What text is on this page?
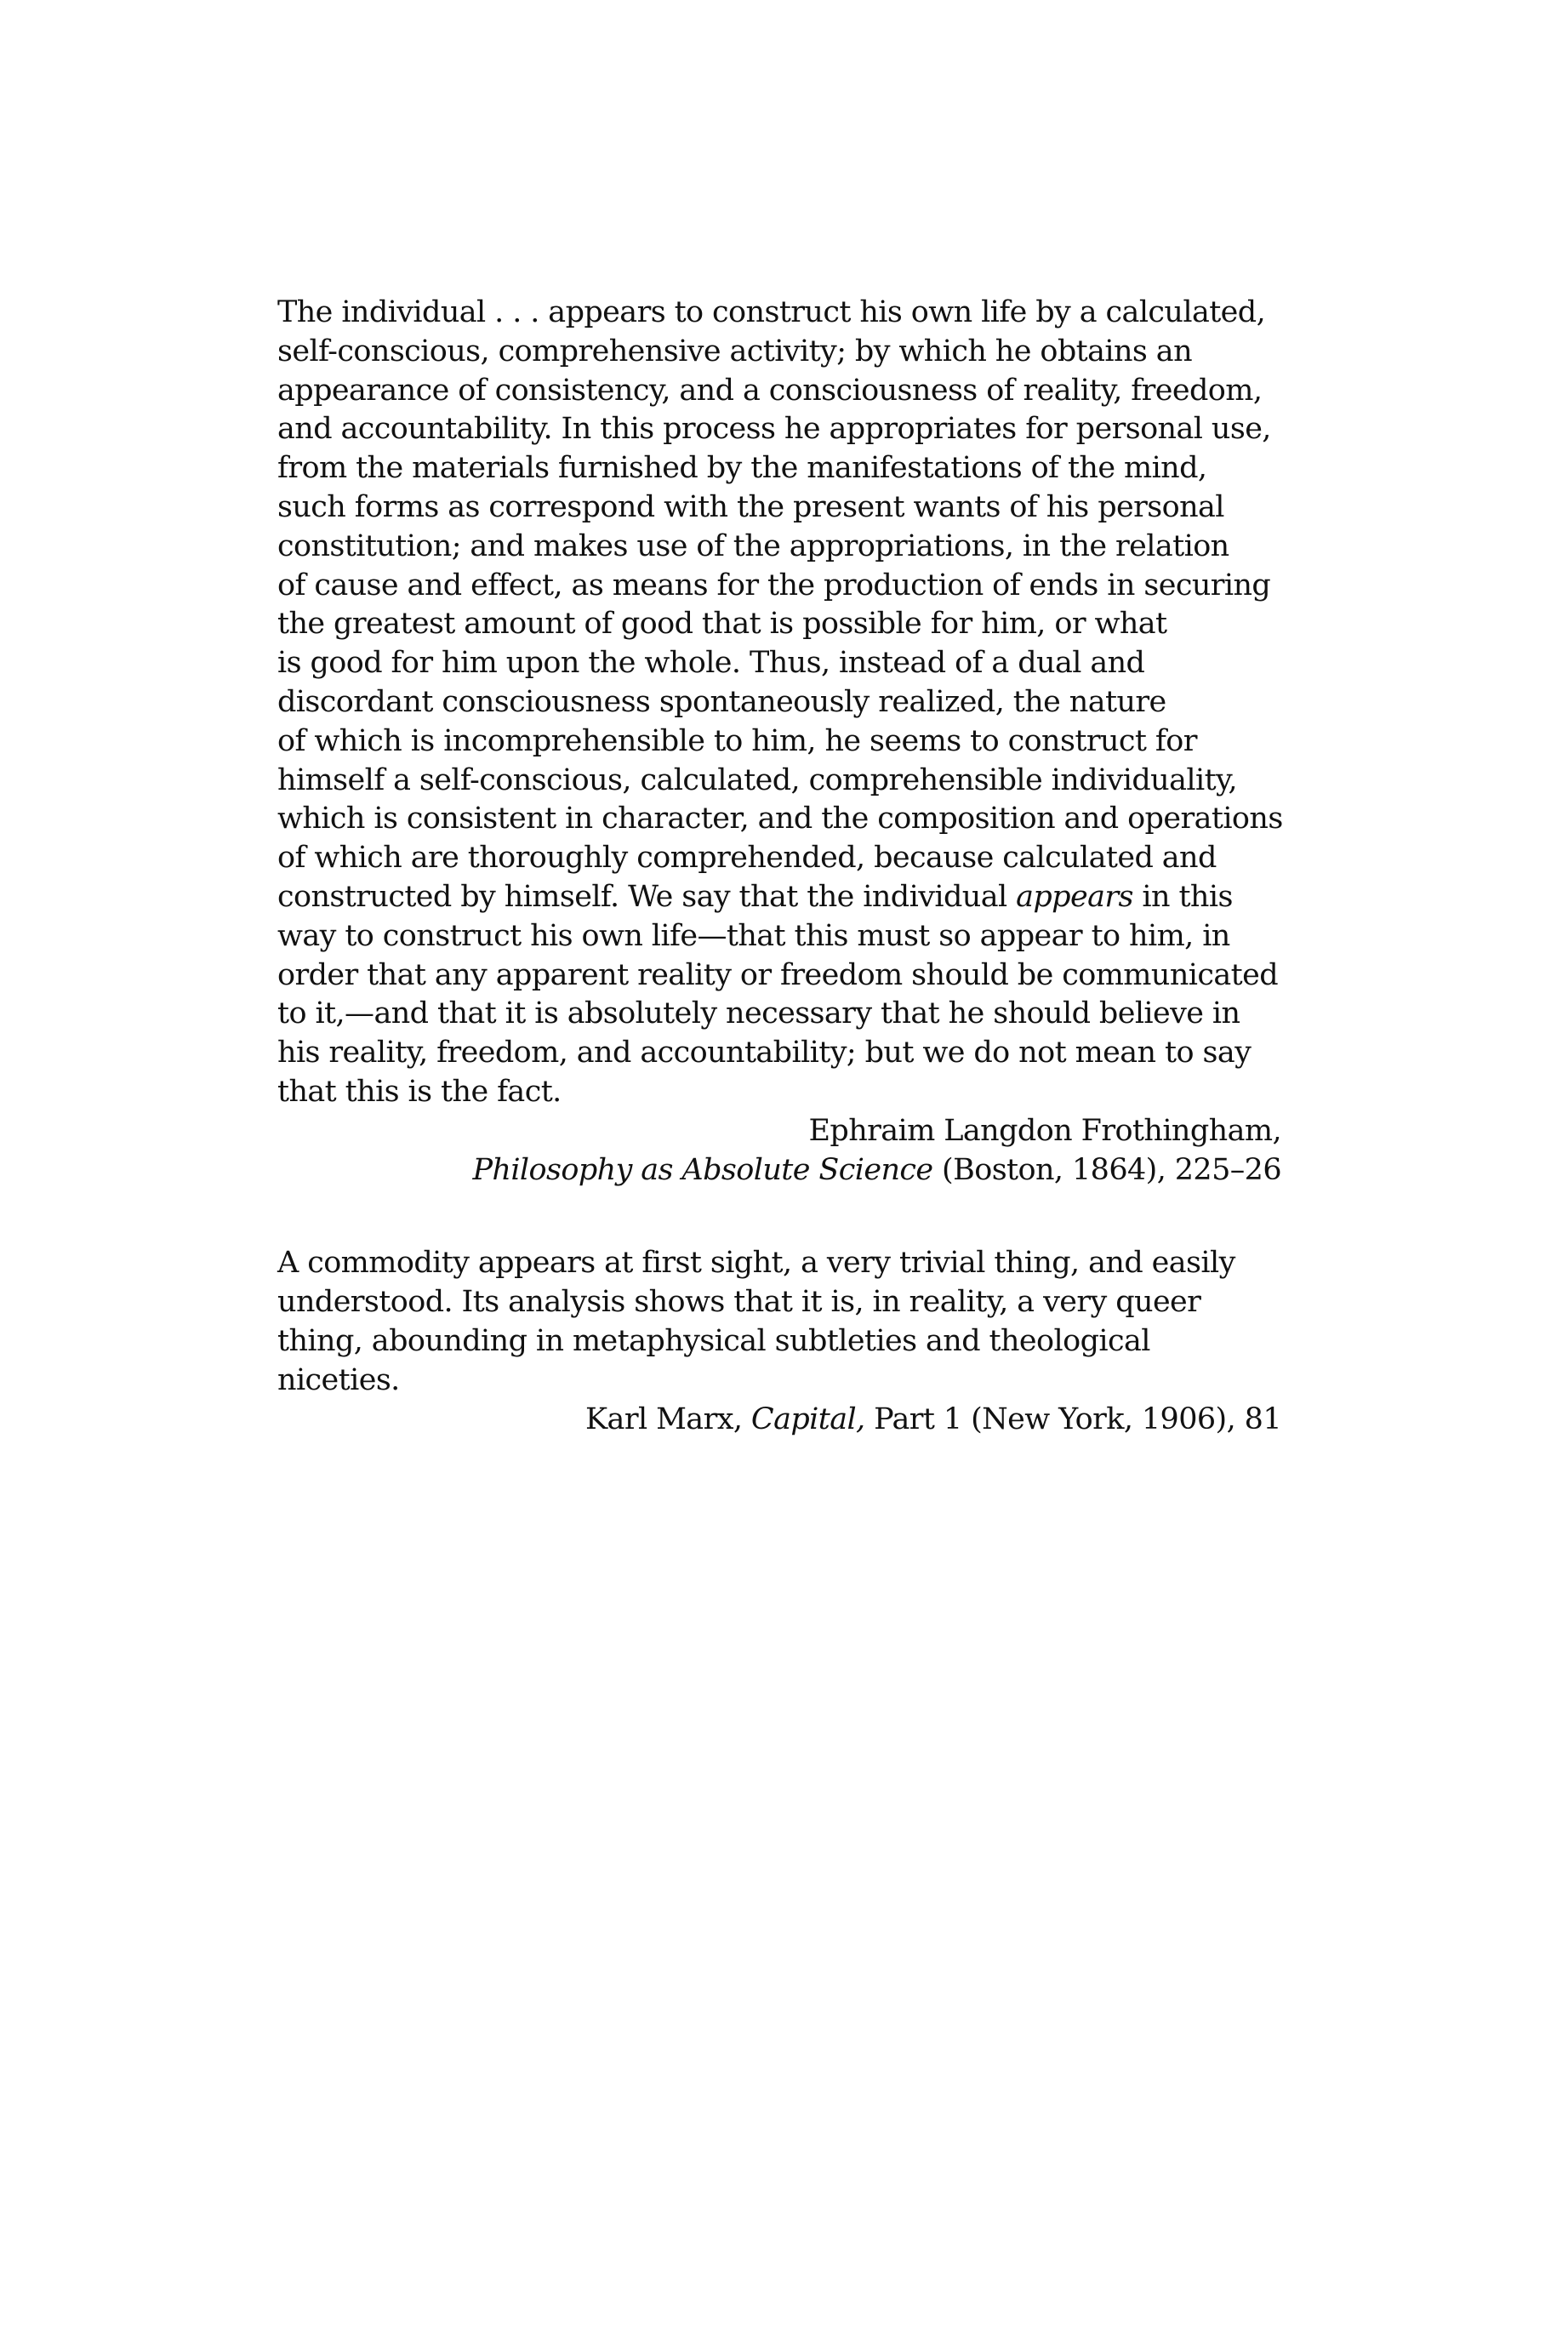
The individual . . . appears to construct his own life by a calculated,
self-conscious, comprehensive activity; by which he obtains an
appearance of consistency, and a consciousness of reality, freedom,
and accountability. In this process he appropriates for personal use,
from the materials furnished by the manifestations of the mind,
such forms as correspond with the present wants of his personal
constitution; and makes use of the appropriations, in the relation
of cause and effect, as means for the production of ends in securing
the greatest amount of good that is possible for him, or what
is good for him upon the whole. Thus, instead of a dual and
discordant consciousness spontaneously realized, the nature
of which is incomprehensible to him, he seems to construct for
himself a self-conscious, calculated, comprehensible individuality,
which is consistent in character, and the composition and operations
of which are thoroughly comprehended, because calculated and
constructed by himself. We say that the individual appears in this
way to construct his own life—that this must so appear to him, in
order that any apparent reality or freedom should be communicated
to it,—and that it is absolutely necessary that he should believe in
his reality, freedom, and accountability; but we do not mean to say
that this is the fact.
Ephraim Langdon Frothingham,
Philosophy as Absolute Science (Boston, 1864), 225–26
A commodity appears at first sight, a very trivial thing, and easily
understood. Its analysis shows that it is, in reality, a very queer
thing, abounding in metaphysical subtleties and theological
niceties.
Karl Marx, Capital, Part 1 (New York, 1906), 81
